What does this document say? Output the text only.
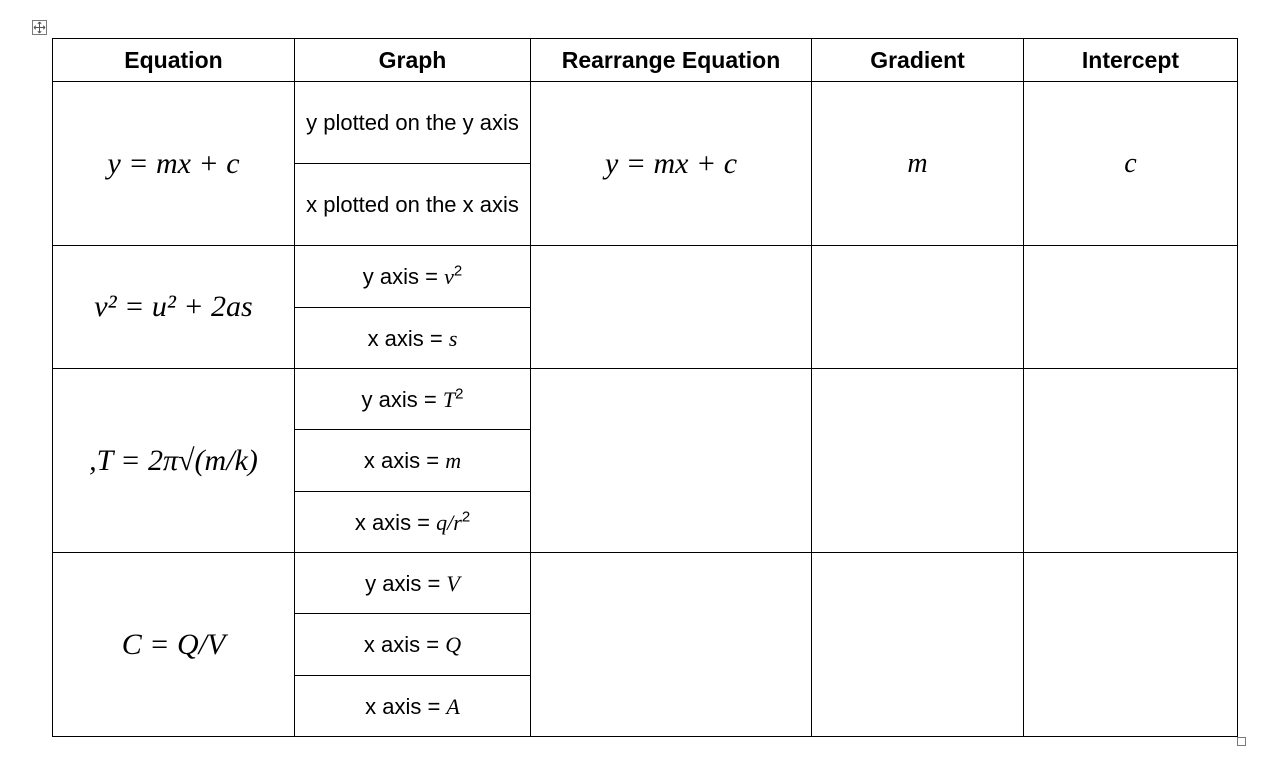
Equation	Graph	Rearrange Equation	Gradient	Intercept
y = mx + c	y plotted on the y axis	y = mx + c	m	c
	x plotted on the x axis			
v² = u² + 2as	y axis = $v^2$			
	x axis = s			
,T = 2π√(m/k)	y axis = $T^2$			
	x axis = m			
	x axis = $q/r^2$
C = Q/V	y axis = V			
	x axis = Q			
	x axis = A			
